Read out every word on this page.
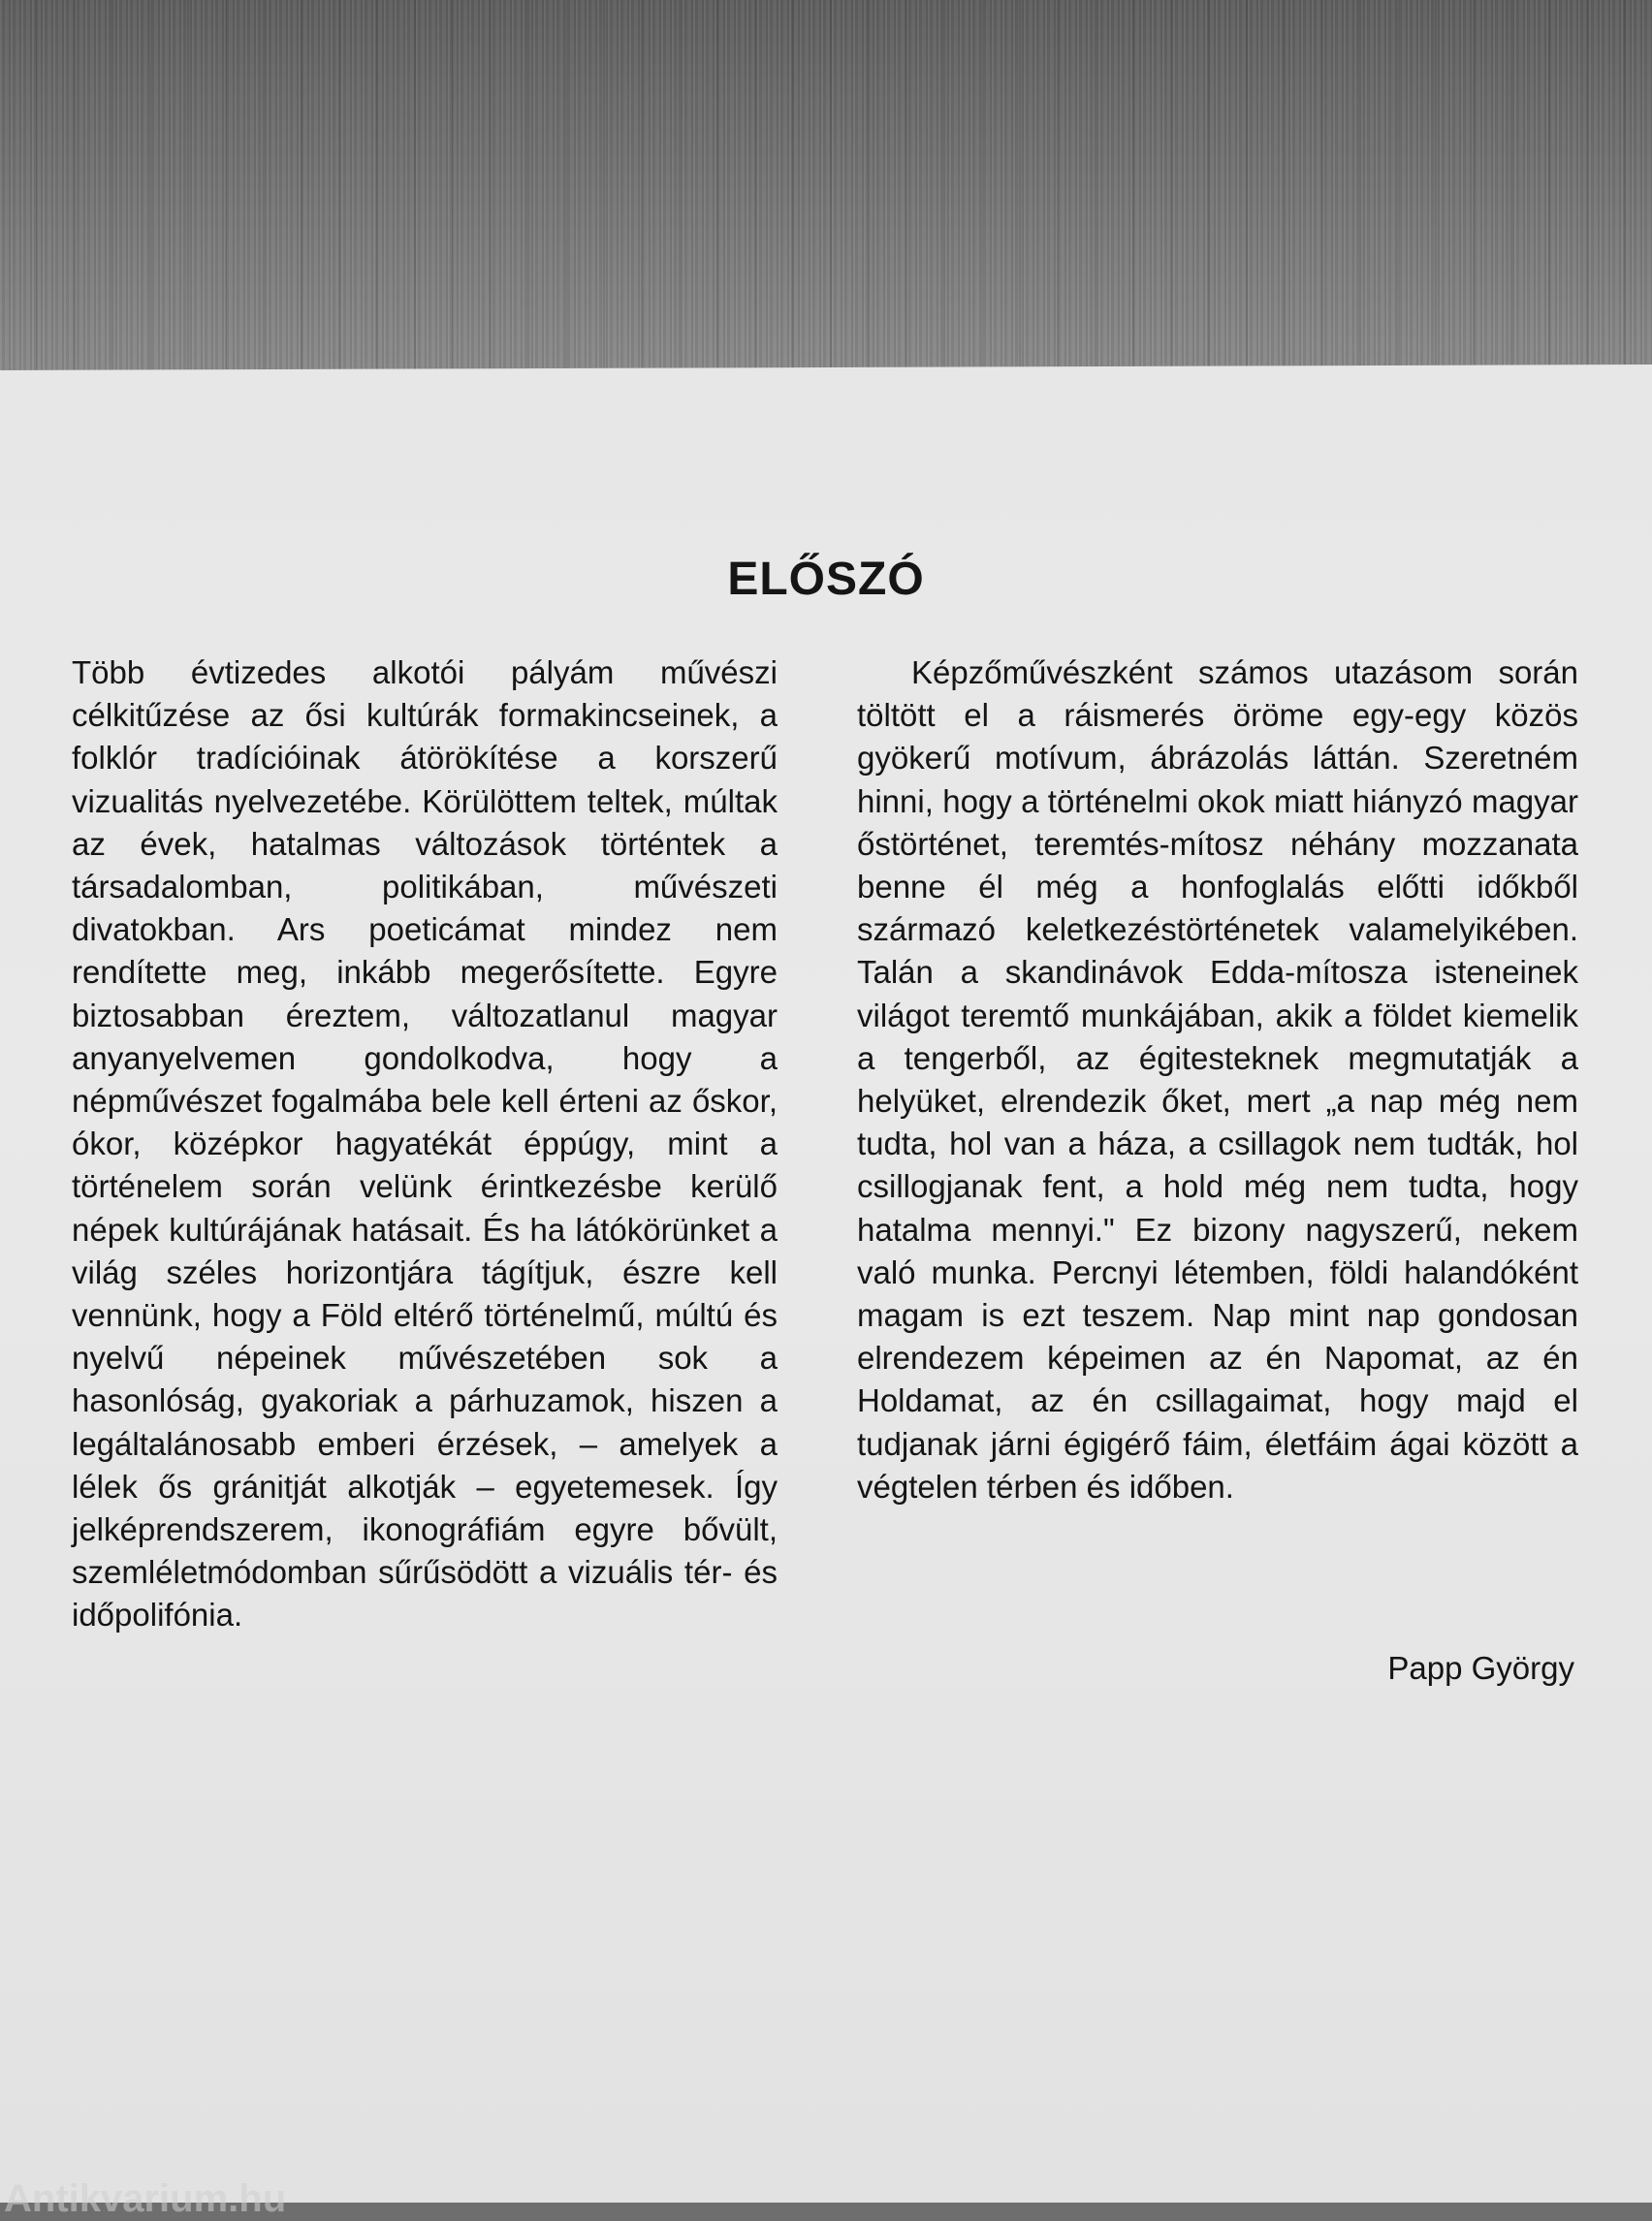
ELŐSZÓ

Több évtizedes alkotói pályám művészi célkitűzése az ősi kultúrák formakincseinek, a folklór tradícióinak átörökítése a korszerű vizualitás nyelvezetébe. Körülöttem teltek, múltak az évek, hatalmas változások történtek a társadalomban, politikában, művészeti divatokban. Ars poeticámat mindez nem rendítette meg, inkább megerősítette. Egyre biztosabban éreztem, változatlanul magyar anyanyelvemen gondolkodva, hogy a népművészet fogalmába bele kell érteni az őskor, ókor, középkor hagyatékát éppúgy, mint a történelem során velünk érintkezésbe kerülő népek kultúrájának hatásait. És ha látókörünket a világ széles horizontjára tágítjuk, észre kell vennünk, hogy a Föld eltérő történelmű, múltú és nyelvű népeinek művészetében sok a hasonlóság, gyakoriak a párhuzamok, hiszen a legáltalánosabb emberi érzések, – amelyek a lélek ős gránitját alkotják – egyetemesek. Így jelképrendszerem, ikonográfiám egyre bővült, szemléletmódomban sűrűsödött a vizuális tér- és időpolifónia.

Képzőművészként számos utazásom során töltött el a ráismerés öröme egy-egy közös gyökerű motívum, ábrázolás láttán. Szeretném hinni, hogy a történelmi okok miatt hiányzó magyar őstörténet, teremtés-mítosz néhány mozzanata benne él még a honfoglalás előtti időkből származó keletkezéstörténetek valamelyikében. Talán a skandinávok Edda-mítosza isteneinek világot teremtő munkájában, akik a földet kiemelik a tengerből, az égitesteknek megmutatják a helyüket, elrendezik őket, mert „a nap még nem tudta, hol van a háza, a csillagok nem tudták, hol csillogjanak fent, a hold még nem tudta, hogy hatalma mennyi." Ez bizony nagyszerű, nekem való munka. Percnyi létemben, földi halandóként magam is ezt teszem. Nap mint nap gondosan elrendezem képeimen az én Napomat, az én Holdamat, az én csillagaimat, hogy majd el tudjanak járni égigérő fáim, életfáim ágai között a végtelen térben és időben.

Papp György

Antikvarium.hu
